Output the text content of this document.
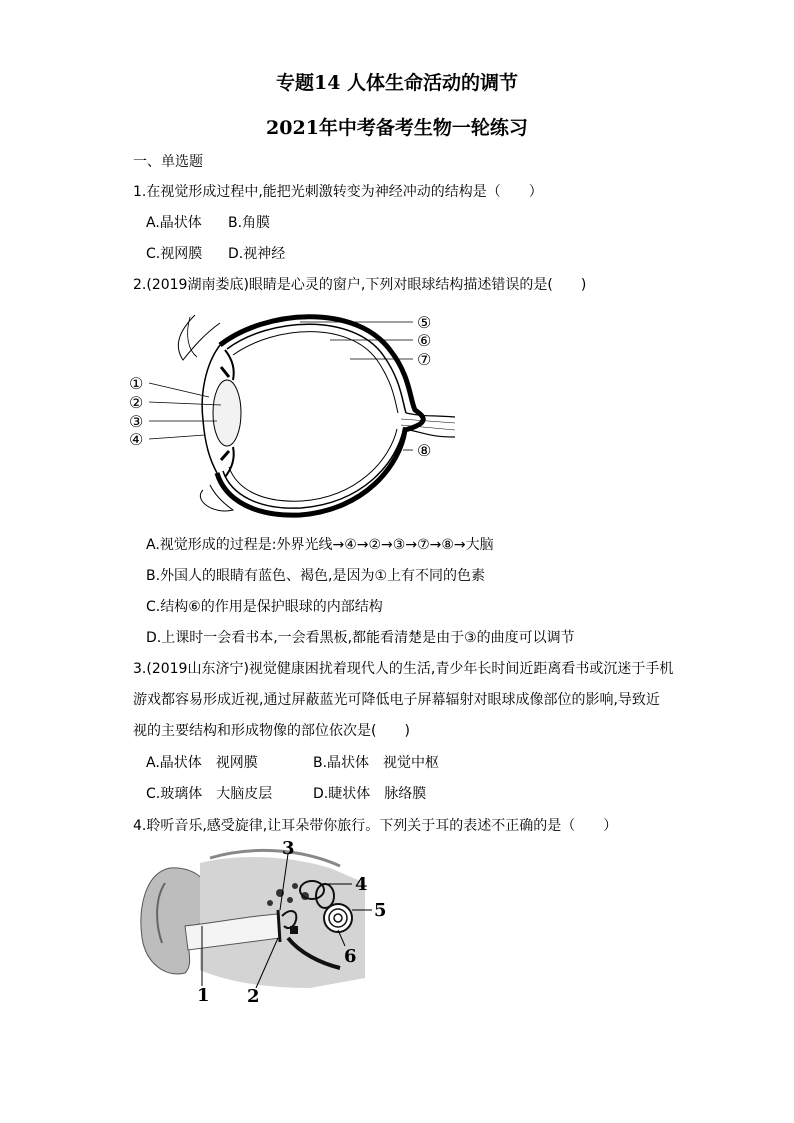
专题14 人体生命活动的调节
2021年中考备考生物一轮练习
一、单选题
1.在视觉形成过程中,能把光刺激转变为神经冲动的结构是（　　）
A.晶状体 B.角膜
C.视网膜 D.视神经
2.(2019湖南娄底)眼睛是心灵的窗户,下列对眼球结构描述错误的是(　　)
①
②
③
④
⑤
⑥
⑦
⑧
A.视觉形成的过程是:外界光线→④→②→③→⑦→⑧→大脑
B.外国人的眼睛有蓝色、褐色,是因为①上有不同的色素
C.结构⑥的作用是保护眼球的内部结构
D.上课时一会看书本,一会看黑板,都能看清楚是由于③的曲度可以调节
3.(2019山东济宁)视觉健康困扰着现代人的生活,青少年长时间近距离看书或沉迷于手机
游戏都容易形成近视,通过屏蔽蓝光可降低电子屏幕辐射对眼球成像部位的影响,导致近
视的主要结构和形成物像的部位依次是(　　)
A.晶状体　视网膜	B.晶状体　视觉中枢
C.玻璃体　大脑皮层	D.睫状体　脉络膜
4.聆听音乐,感受旋律,让耳朵带你旅行。下列关于耳的表述不正确的是（　　）
1 2
3
4
5
6
